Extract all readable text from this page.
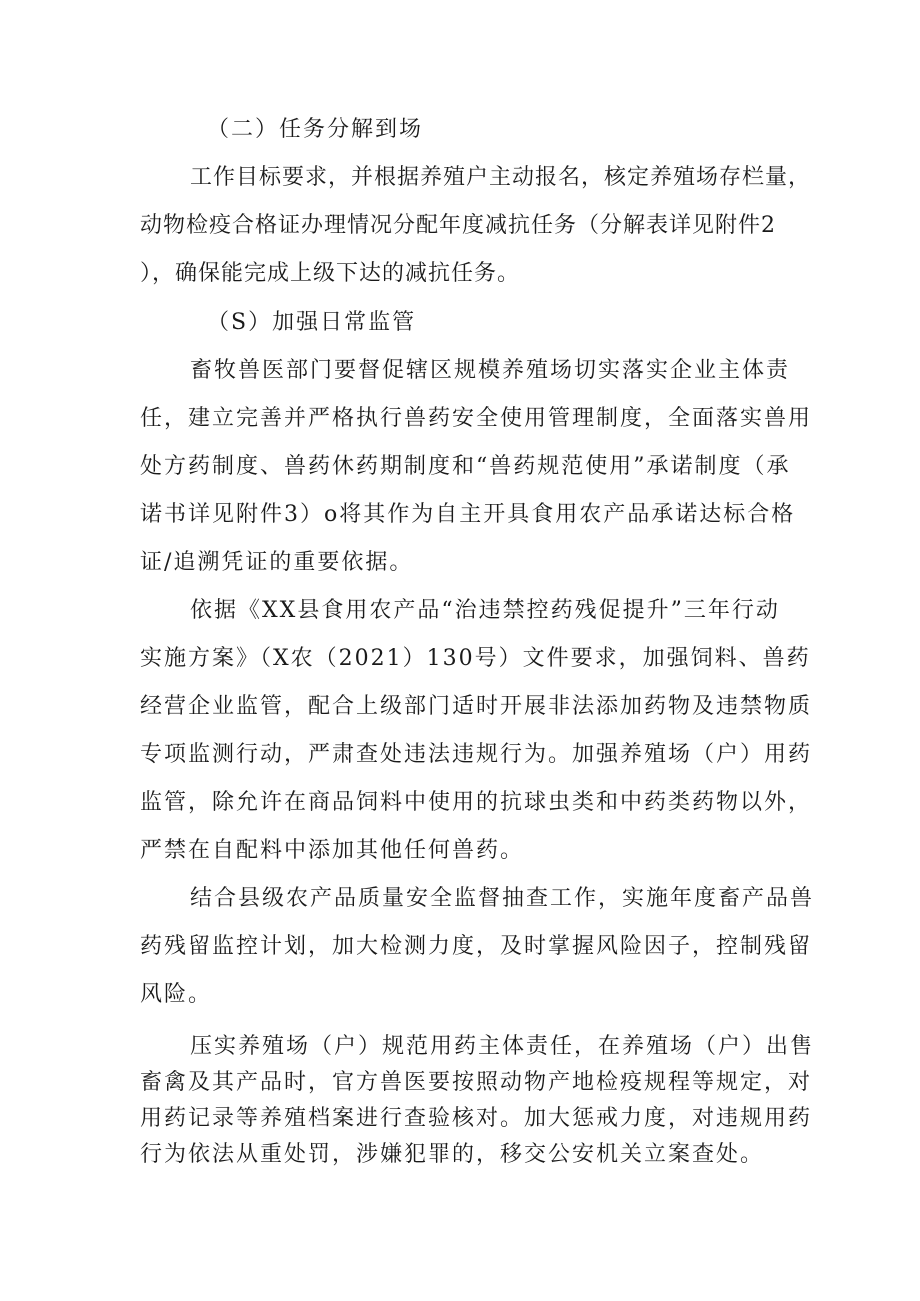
（二）任务分解到场
工作目标要求，并根据养殖户主动报名，核定养殖场存栏量，
动物检疫合格证办理情况分配年度减抗任务（分解表详见附件2
），确保能完成上级下达的减抗任务。
（S）加强日常监管
畜牧兽医部门要督促辖区规模养殖场切实落实企业主体责
任，建立完善并严格执行兽药安全使用管理制度，全面落实兽用
处方药制度、兽药休药期制度和“兽药规范使用”承诺制度（承
诺书详见附件3）o将其作为自主开具食用农产品承诺达标合格
证/追溯凭证的重要依据。
依据《XX县食用农产品“治违禁控药残促提升”三年行动
实施方案》（X农（2021）130号）文件要求，加强饲料、兽药
经营企业监管，配合上级部门适时开展非法添加药物及违禁物质
专项监测行动，严肃查处违法违规行为。加强养殖场（户）用药
监管，除允许在商品饲料中使用的抗球虫类和中药类药物以外，
严禁在自配料中添加其他任何兽药。
结合县级农产品质量安全监督抽查工作，实施年度畜产品兽
药残留监控计划，加大检测力度，及时掌握风险因子，控制残留
风险。
压实养殖场（户）规范用药主体责任，在养殖场（户）出售
畜禽及其产品时，官方兽医要按照动物产地检疫规程等规定，对
用药记录等养殖档案进行查验核对。加大惩戒力度，对违规用药
行为依法从重处罚，涉嫌犯罪的，移交公安机关立案查处。
